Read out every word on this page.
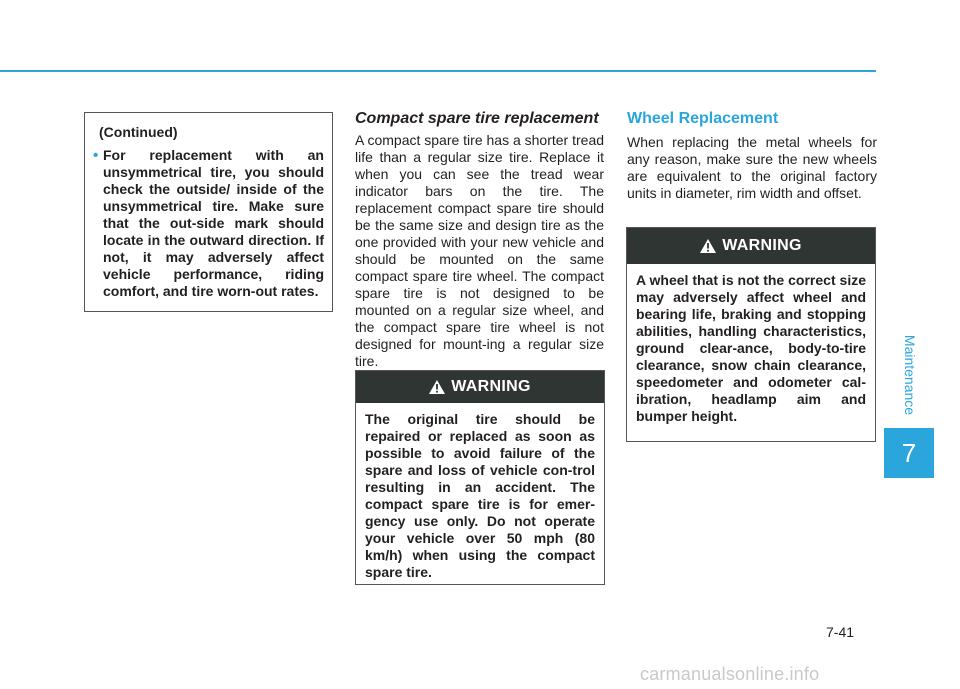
Maintenance
7
(Continued)
• For replacement with an unsymmetrical tire, you should check the outside/ inside of the unsymmetrical tire. Make sure that the out-side mark should locate in the outward direction. If not, it may adversely affect vehicle performance, riding comfort, and tire worn-out rates.
Compact spare tire replacement
A compact spare tire has a shorter tread life than a regular size tire. Replace it when you can see the tread wear indicator bars on the tire. The replacement compact spare tire should be the same size and design tire as the one provided with your new vehicle and should be mounted on the same compact spare tire wheel. The compact spare tire is not designed to be mounted on a regular size wheel, and the compact spare tire wheel is not designed for mount-ing a regular size tire.
WARNING
The original tire should be repaired or replaced as soon as possible to avoid failure of the spare and loss of vehicle con-trol resulting in an accident. The compact spare tire is for emer-gency use only. Do not operate your vehicle over 50 mph (80 km/h) when using the compact spare tire.
Wheel Replacement
When replacing the metal wheels for any reason, make sure the new wheels are equivalent to the original factory units in diameter, rim width and offset.
WARNING
A wheel that is not the correct size may adversely affect wheel and bearing life, braking and stopping abilities, handling characteristics, ground clear-ance, body-to-tire clearance, snow chain clearance, speedometer and odometer cal-ibration, headlamp aim and bumper height.
7-41
carmanualsonline.info
